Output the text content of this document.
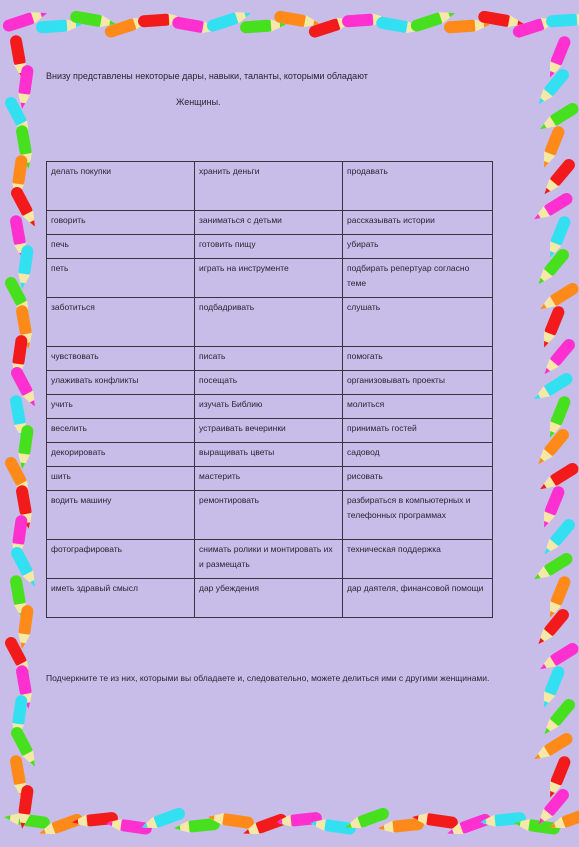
Внизу представлены некоторые дары, навыки, таланты, которыми обладают
Женщины.
делать покупки	хранить деньги	продавать
говорить	заниматься с детьми	рассказывать истории
печь	готовить пищу	убирать
петь	играть на инструменте	подбирать репертуар согласно теме
заботиться	подбадривать	слушать
чувствовать	писать	помогать
улаживать конфликты	посещать	организовывать проекты
учить	изучать Библию	молиться
веселить	устраивать вечеринки	принимать гостей
декорировать	выращивать цветы	садовод
шить	мастерить	рисовать
водить машину	ремонтировать	разбираться в компьютерных и телефонных программах
фотографировать	снимать ролики и монтировать их и размещать	техническая поддержка
иметь здравый смысл	дар убеждения	дар даятеля, финансовой помощи
Подчеркните те из них, которыми вы обладаете и, следовательно, можете делиться ими с другими женщинами.
